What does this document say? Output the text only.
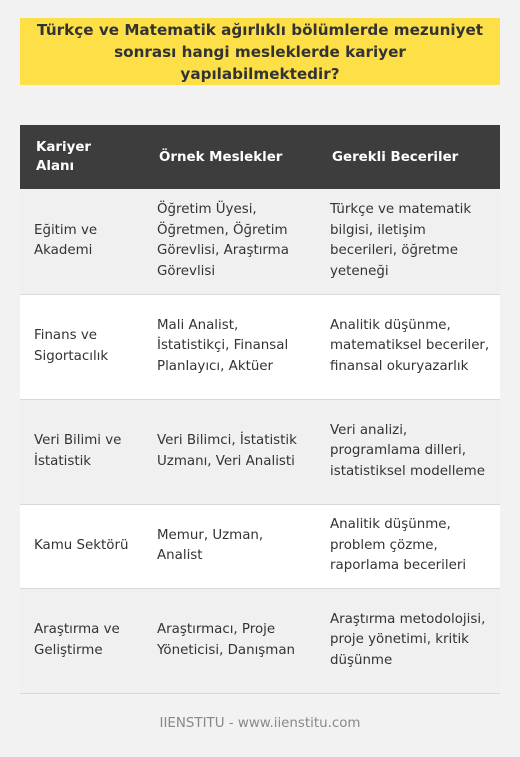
Türkçe ve Matematik ağırlıklı bölümlerde mezuniyet sonrası hangi mesleklerde kariyer yapılabilmektedir?
Kariyer Alanı	Örnek Meslekler	Gerekli Beceriler
Eğitim ve Akademi	Öğretim Üyesi, Öğretmen, Öğretim Görevlisi, Araştırma Görevlisi	Türkçe ve matematik bilgisi, iletişim becerileri, öğretme yeteneği
Finans ve Sigortacılık	Mali Analist, İstatistikçi, Finansal Planlayıcı, Aktüer	Analitik düşünme, matematiksel beceriler, finansal okuryazarlık
Veri Bilimi ve İstatistik	Veri Bilimci, İstatistik Uzmanı, Veri Analisti	Veri analizi, programlama dilleri, istatistiksel modelleme
Kamu Sektörü	Memur, Uzman, Analist	Analitik düşünme, problem çözme, raporlama becerileri
Araştırma ve Geliştirme	Araştırmacı, Proje Yöneticisi, Danışman	Araştırma metodolojisi, proje yönetimi, kritik düşünme
IIENSTITU - www.iienstitu.com
